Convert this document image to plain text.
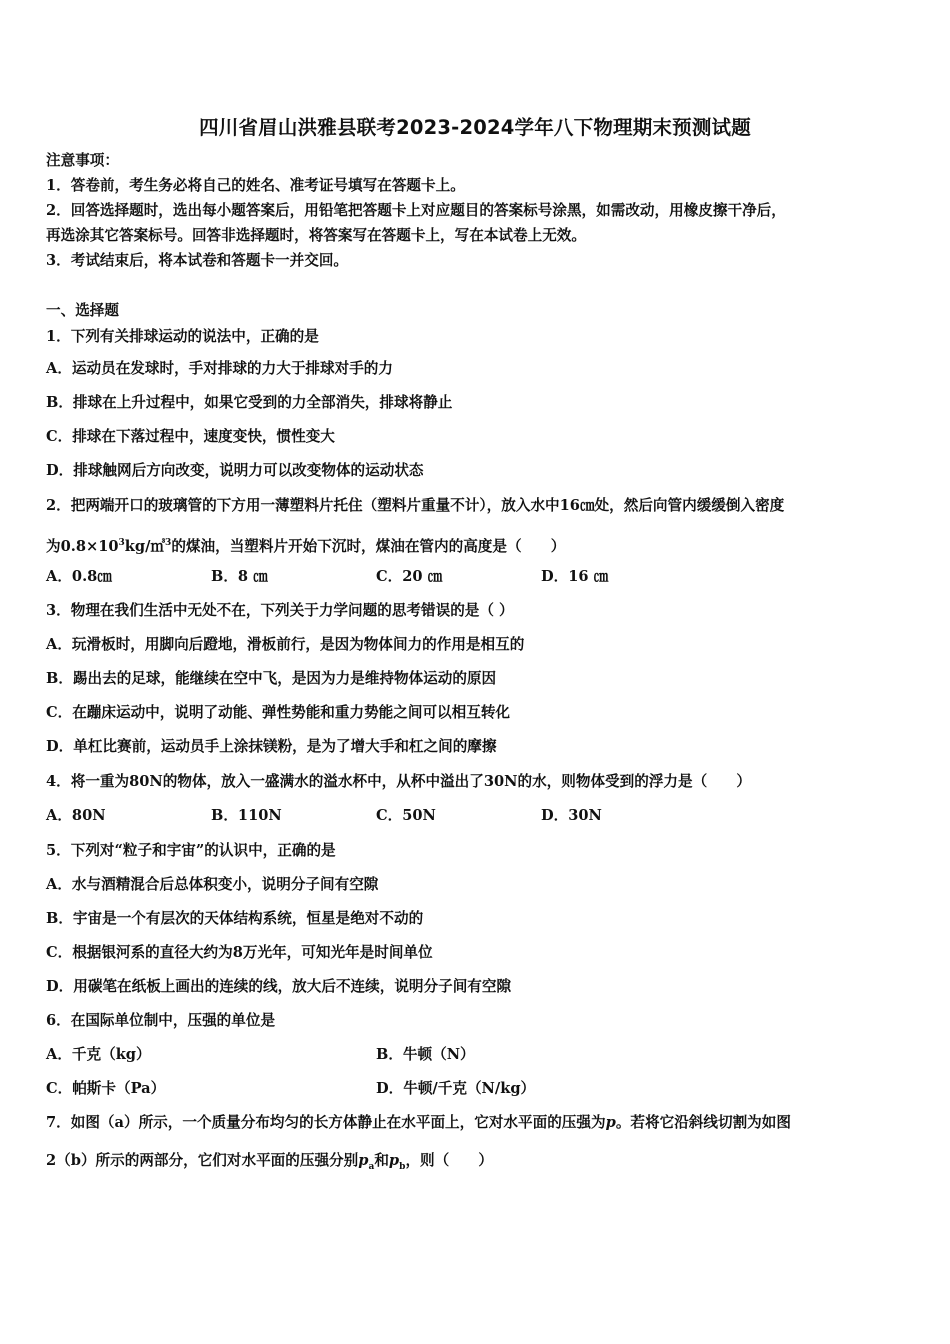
四川省眉山洪雅县联考2023-2024学年八下物理期末预测试题
注意事项：
1．答卷前，考生务必将自己的姓名、准考证号填写在答题卡上。
2．回答选择题时，选出每小题答案后，用铅笔把答题卡上对应题目的答案标号涂黑，如需改动，用橡皮擦干净后，
再选涂其它答案标号。回答非选择题时，将答案写在答题卡上，写在本试卷上无效。
3．考试结束后，将本试卷和答题卡一并交回。
一、选择题
1．下列有关排球运动的说法中，正确的是
A．运动员在发球时，手对排球的力大于排球对手的力
B．排球在上升过程中，如果它受到的力全部消失，排球将静止
C．排球在下落过程中，速度变快，惯性变大
D．排球触网后方向改变，说明力可以改变物体的运动状态
2．把两端开口的玻璃管的下方用一薄塑料片托住（塑料片重量不计），放入水中16㎝处，然后向管内缓缓倒入密度
为$0.8\times 10^3kg/㎥^3$的煤油，当塑料片开始下沉时，煤油在管内的高度是（　　）
A．0.8㎝	B．8 ㎝	C．20 ㎝	D．16 ㎝
3．物理在我们生活中无处不在，下列关于力学问题的思考错误的是（ ）
A．玩滑板时，用脚向后蹬地，滑板前行，是因为物体间力的作用是相互的
B．踢出去的足球，能继续在空中飞，是因为力是维持物体运动的原因
C．在蹦床运动中，说明了动能、弹性势能和重力势能之间可以相互转化
D．单杠比赛前，运动员手上涂抹镁粉，是为了增大手和杠之间的摩擦
4．将一重为80N的物体，放入一盛满水的溢水杯中，从杯中溢出了30N的水，则物体受到的浮力是（　　）
A．80N	B．110N	C．50N	D．30N
5．下列对“粒子和宇宙”的认识中，正确的是
A．水与酒精混合后总体积变小，说明分子间有空隙
B．宇宙是一个有层次的天体结构系统，恒星是绝对不动的
C．根据银河系的直径大约为8万光年，可知光年是时间单位
D．用碳笔在纸板上画出的连续的线，放大后不连续，说明分子间有空隙
6．在国际单位制中，压强的单位是
A．千克（kg）	B．牛顿（N）
C．帕斯卡（Pa）	D．牛顿/千克（N/kg）
7．如图（a）所示，一个质量分布均匀的长方体静止在水平面上，它对水平面的压强为p。若将它沿斜线切割为如图
2（b）所示的两部分，它们对水平面的压强分别$p_a$和$p_b$，则（　　）
